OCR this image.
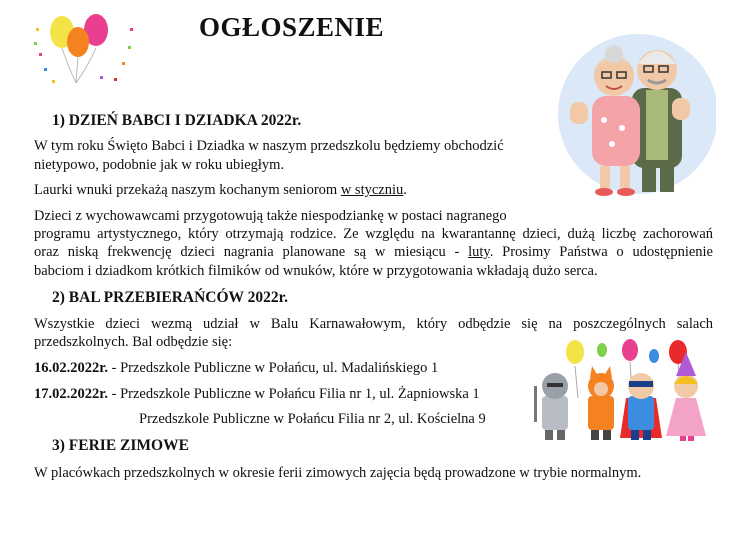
OGŁOSZENIE

1) DZIEŃ BABCI I DZIADKA 2022r.

W tym roku Święto Babci i Dziadka w naszym przedszkolu będziemy obchodzić

nietypowo, podobnie jak w roku ubiegłym.

Laurki wnuki przekażą naszym kochanym seniorom w styczniu.

Dzieci z wychowawcami przygotowują także niespodziankę w postaci nagranego

programu artystycznego, który otrzymają rodzice. Ze względu na kwarantannę dzieci, dużą liczbę zachorowań

oraz niską frekwencję dzieci nagrania planowane są w miesiącu - luty. Prosimy Państwa o udostępnienie

babciom i dziadkom krótkich filmików od wnuków, które w przygotowania wkładają dużo serca.

2) BAL PRZEBIERAŃCÓW 2022r.

Wszystkie dzieci wezmą udział w Balu Karnawałowym, który odbędzie się na poszczególnych salach

przedszkolnych. Bal odbędzie się:

16.02.2022r. - Przedszkole Publiczne w Połańcu, ul. Madalińskiego 1

17.02.2022r. - Przedszkole Publiczne w Połańcu Filia nr 1, ul. Żapniowska 1

Przedszkole Publiczne w Połańcu Filia nr 2, ul. Kościelna 9

3) FERIE ZIMOWE

W placówkach przedszkolnych w okresie ferii zimowych zajęcia będą prowadzone w trybie normalnym.
